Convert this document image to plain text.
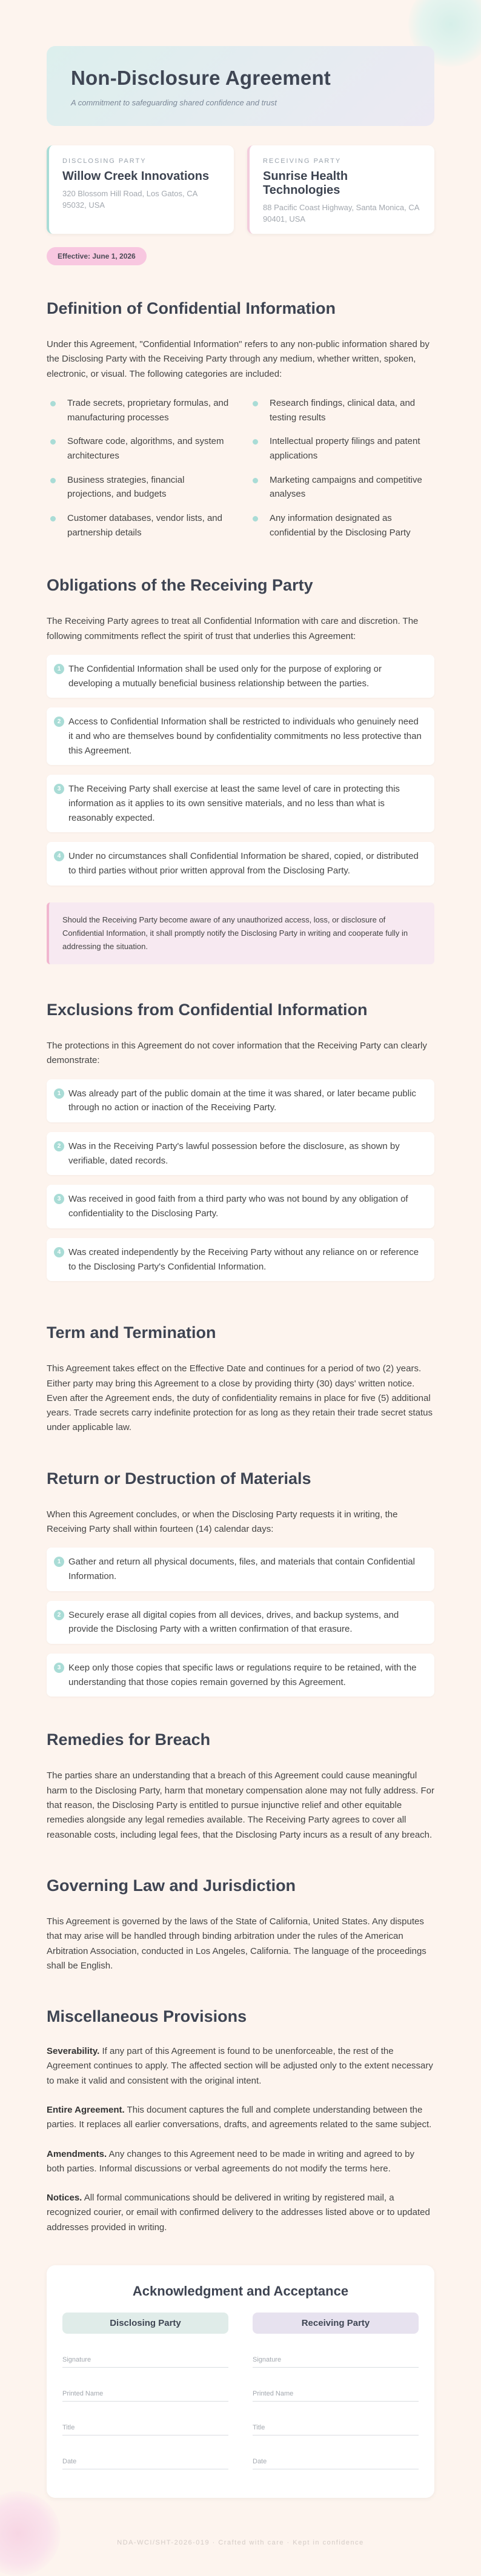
Non-Disclosure Agreement

A commitment to safeguarding shared confidence and trust

DISCLOSING PARTY
Willow Creek Innovations
320 Blossom Hill Road, Los Gatos, CA 95032, USA
RECEIVING PARTY
Sunrise Health Technologies
88 Pacific Coast Highway, Santa Monica, CA 90401, USA
Effective: June 1, 2026
Definition of Confidential Information

Under this Agreement, "Confidential Information" refers to any non-public information shared by the Disclosing Party with the Receiving Party through any medium, whether written, spoken, electronic, or visual. The following categories are included:

Trade secrets, proprietary formulas, and manufacturing processes
Research findings, clinical data, and testing results
Software code, algorithms, and system architectures
Intellectual property filings and patent applications
Business strategies, financial projections, and budgets
Marketing campaigns and competitive analyses
Customer databases, vendor lists, and partnership details
Any information designated as confidential by the Disclosing Party
Obligations of the Receiving Party

The Receiving Party agrees to treat all Confidential Information with care and discretion. The following commitments reflect the spirit of trust that underlies this Agreement:

1 The Confidential Information shall be used only for the purpose of exploring or developing a mutually beneficial business relationship between the parties.
2 Access to Confidential Information shall be restricted to individuals who genuinely need it and who are themselves bound by confidentiality commitments no less protective than this Agreement.
3 The Receiving Party shall exercise at least the same level of care in protecting this information as it applies to its own sensitive materials, and no less than what is reasonably expected.
4 Under no circumstances shall Confidential Information be shared, copied, or distributed to third parties without prior written approval from the Disclosing Party.
Should the Receiving Party become aware of any unauthorized access, loss, or disclosure of Confidential Information, it shall promptly notify the Disclosing Party in writing and cooperate fully in addressing the situation.
Exclusions from Confidential Information

The protections in this Agreement do not cover information that the Receiving Party can clearly demonstrate:

1 Was already part of the public domain at the time it was shared, or later became public through no action or inaction of the Receiving Party.
2 Was in the Receiving Party's lawful possession before the disclosure, as shown by verifiable, dated records.
3 Was received in good faith from a third party who was not bound by any obligation of confidentiality to the Disclosing Party.
4 Was created independently by the Receiving Party without any reliance on or reference to the Disclosing Party's Confidential Information.
Term and Termination

This Agreement takes effect on the Effective Date and continues for a period of two (2) years. Either party may bring this Agreement to a close by providing thirty (30) days' written notice. Even after the Agreement ends, the duty of confidentiality remains in place for five (5) additional years. Trade secrets carry indefinite protection for as long as they retain their trade secret status under applicable law.

Return or Destruction of Materials

When this Agreement concludes, or when the Disclosing Party requests it in writing, the Receiving Party shall within fourteen (14) calendar days:

1 Gather and return all physical documents, files, and materials that contain Confidential Information.
2 Securely erase all digital copies from all devices, drives, and backup systems, and provide the Disclosing Party with a written confirmation of that erasure.
3 Keep only those copies that specific laws or regulations require to be retained, with the understanding that those copies remain governed by this Agreement.
Remedies for Breach

The parties share an understanding that a breach of this Agreement could cause meaningful harm to the Disclosing Party, harm that monetary compensation alone may not fully address. For that reason, the Disclosing Party is entitled to pursue injunctive relief and other equitable remedies alongside any legal remedies available. The Receiving Party agrees to cover all reasonable costs, including legal fees, that the Disclosing Party incurs as a result of any breach.

Governing Law and Jurisdiction

This Agreement is governed by the laws of the State of California, United States. Any disputes that may arise will be handled through binding arbitration under the rules of the American Arbitration Association, conducted in Los Angeles, California. The language of the proceedings shall be English.

Miscellaneous Provisions

Severability. If any part of this Agreement is found to be unenforceable, the rest of the Agreement continues to apply. The affected section will be adjusted only to the extent necessary to make it valid and consistent with the original intent.

Entire Agreement. This document captures the full and complete understanding between the parties. It replaces all earlier conversations, drafts, and agreements related to the same subject.

Amendments. Any changes to this Agreement need to be made in writing and agreed to by both parties. Informal discussions or verbal agreements do not modify the terms here.

Notices. All formal communications should be delivered in writing by registered mail, a recognized courier, or email with confirmed delivery to the addresses listed above or to updated addresses provided in writing.

Acknowledgment and Acceptance
Disclosing Party
Signature
Printed Name
Title
Date
Receiving Party
Signature
Printed Name
Title
Date
NDA-WCI/SHT-2026-019 · Crafted with care · Kept in confidence
